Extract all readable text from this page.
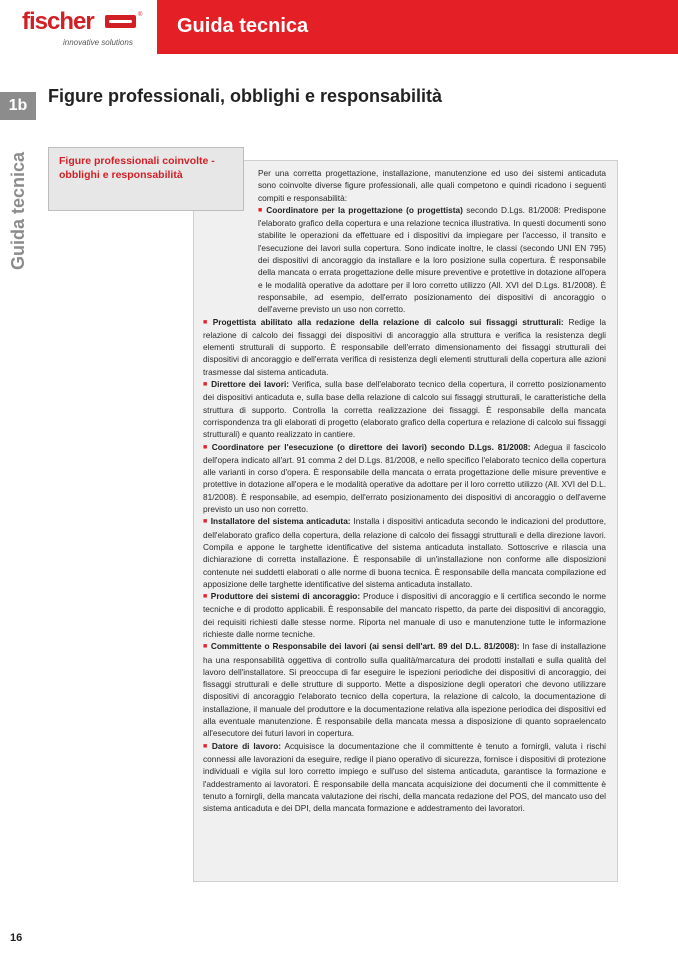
fischer	®
innovative solutions
Guida tecnica
1b
Guida tecnica
Figure professionali, obblighi e responsabilità
Figure professionali coinvolte - obblighi e responsabilità	Per una corretta progettazione, installazione, manutenzione ed uso dei sistemi anticaduta sono coinvolte diverse figure professionali, alle quali competono e quindi ricadono i seguenti compiti e responsabilità:

■ Coordinatore per la progettazione (o progettista) secondo D.Lgs. 81/2008: Predispone l'elaborato grafico della copertura e una relazione tecnica illustrativa. In questi documenti sono stabilite le operazioni da effettuare ed i dispositivi da impiegare per l'accesso, il transito e l'esecuzione dei lavori sulla copertura. Sono indicate inoltre, le classi (secondo UNI EN 795) dei dispositivi di ancoraggio da installare e la loro posizione sulla copertura. È responsabile della mancata o errata progettazione delle misure preventive e protettive in dotazione all'opera e le modalità operative da adottare per il loro corretto utilizzo (All. XVI del D.Lgs. 81/2008). È responsabile, ad esempio, dell'errato posizionamento dei dispositivi di ancoraggio o dell'averne previsto un uso non corretto.

■ Progettista abilitato alla redazione della relazione di calcolo sui fissaggi strutturali: Redige la relazione di calcolo dei fissaggi dei dispositivi di ancoraggio alla struttura e verifica la resistenza degli elementi strutturali di supporto. È responsabile dell'errato dimensionamento dei fissaggi strutturali dei dispositivi di ancoraggio e dell'errata verifica di resistenza degli elementi strutturali della copertura alle azioni trasmesse dal sistema anticaduta.

■ Direttore dei lavori: Verifica, sulla base dell'elaborato tecnico della copertura, il corretto posizionamento dei dispositivi anticaduta e, sulla base della relazione di calcolo sui fissaggi strutturali, le caratteristiche della struttura di supporto. Controlla la corretta realizzazione dei fissaggi. È responsabile della mancata corrispondenza tra gli elaborati di progetto (elaborato grafico della copertura e relazione di calcolo sui fissaggi strutturali) e quanto realizzato in cantiere.

■ Coordinatore per l'esecuzione (o direttore dei lavori) secondo D.Lgs. 81/2008: Adegua il fascicolo dell'opera indicato all'art. 91 comma 2 del D.Lgs. 81/2008, e nello specifico l'elaborato tecnico della copertura alle varianti in corso d'opera. È responsabile della mancata o errata progettazione delle misure preventive e protettive in dotazione all'opera e le modalità operative da adottare per il loro corretto utilizzo (All. XVI del D.L. 81/2008). È responsabile, ad esempio, dell'errato posizionamento dei dispositivi di ancoraggio o dell'averne previsto un uso non corretto.

■ Installatore del sistema anticaduta: Installa i dispositivi anticaduta secondo le indicazioni del produttore, dell'elaborato grafico della copertura, della relazione di calcolo dei fissaggi strutturali e della direzione lavori. Compila e appone le targhette identificative del sistema anticaduta installato. Sottoscrive e rilascia una dichiarazione di corretta installazione. È responsabile di un'installazione non conforme alle disposizioni contenute nei suddetti elaborati o alle norme di buona tecnica. È responsabile della mancata compilazione ed apposizione delle targhette identificative del sistema anticaduta installato.

■ Produttore dei sistemi di ancoraggio: Produce i dispositivi di ancoraggio e li certifica secondo le norme tecniche e di prodotto applicabili. È responsabile del mancato rispetto, da parte dei dispositivi di ancoraggio, dei requisiti richiesti dalle stesse norme. Riporta nel manuale di uso e manutenzione tutte le informazione richieste dalle norme tecniche.

■ Committente o Responsabile dei lavori (ai sensi dell'art. 89 del D.L. 81/2008): In fase di installazione ha una responsabilità oggettiva di controllo sulla qualità/marcatura dei prodotti installati e sulla qualità del lavoro dell'installatore. Si preoccupa di far eseguire le ispezioni periodiche dei dispositivi di ancoraggio, dei fissaggi strutturali e delle strutture di supporto. Mette a disposizione degli operatori che devono utilizzare dispositivi di ancoraggio l'elaborato tecnico della copertura, la relazione di calcolo, la documentazione di installazione, il manuale del produttore e la documentazione relativa alla ispezione periodica dei dispositivi ed alla eventuale manutenzione. È responsabile della mancata messa a disposizione di quanto sopraelencato all'esecutore dei futuri lavori in copertura.

■ Datore di lavoro: Acquisisce la documentazione che il committente è tenuto a fornirgli, valuta i rischi connessi alle lavorazioni da eseguire, redige il piano operativo di sicurezza, fornisce i dispositivi di protezione individuali e vigila sul loro corretto impiego e sull'uso del sistema anticaduta, garantisce la formazione e l'addestramento ai lavoratori. È responsabile della mancata acquisizione dei documenti che il committente è tenuto a fornirgli, della mancata valutazione dei rischi, della mancata redazione del POS, del mancato uso del sistema anticaduta e dei DPI, della mancata formazione e addestramento dei lavoratori.

16
